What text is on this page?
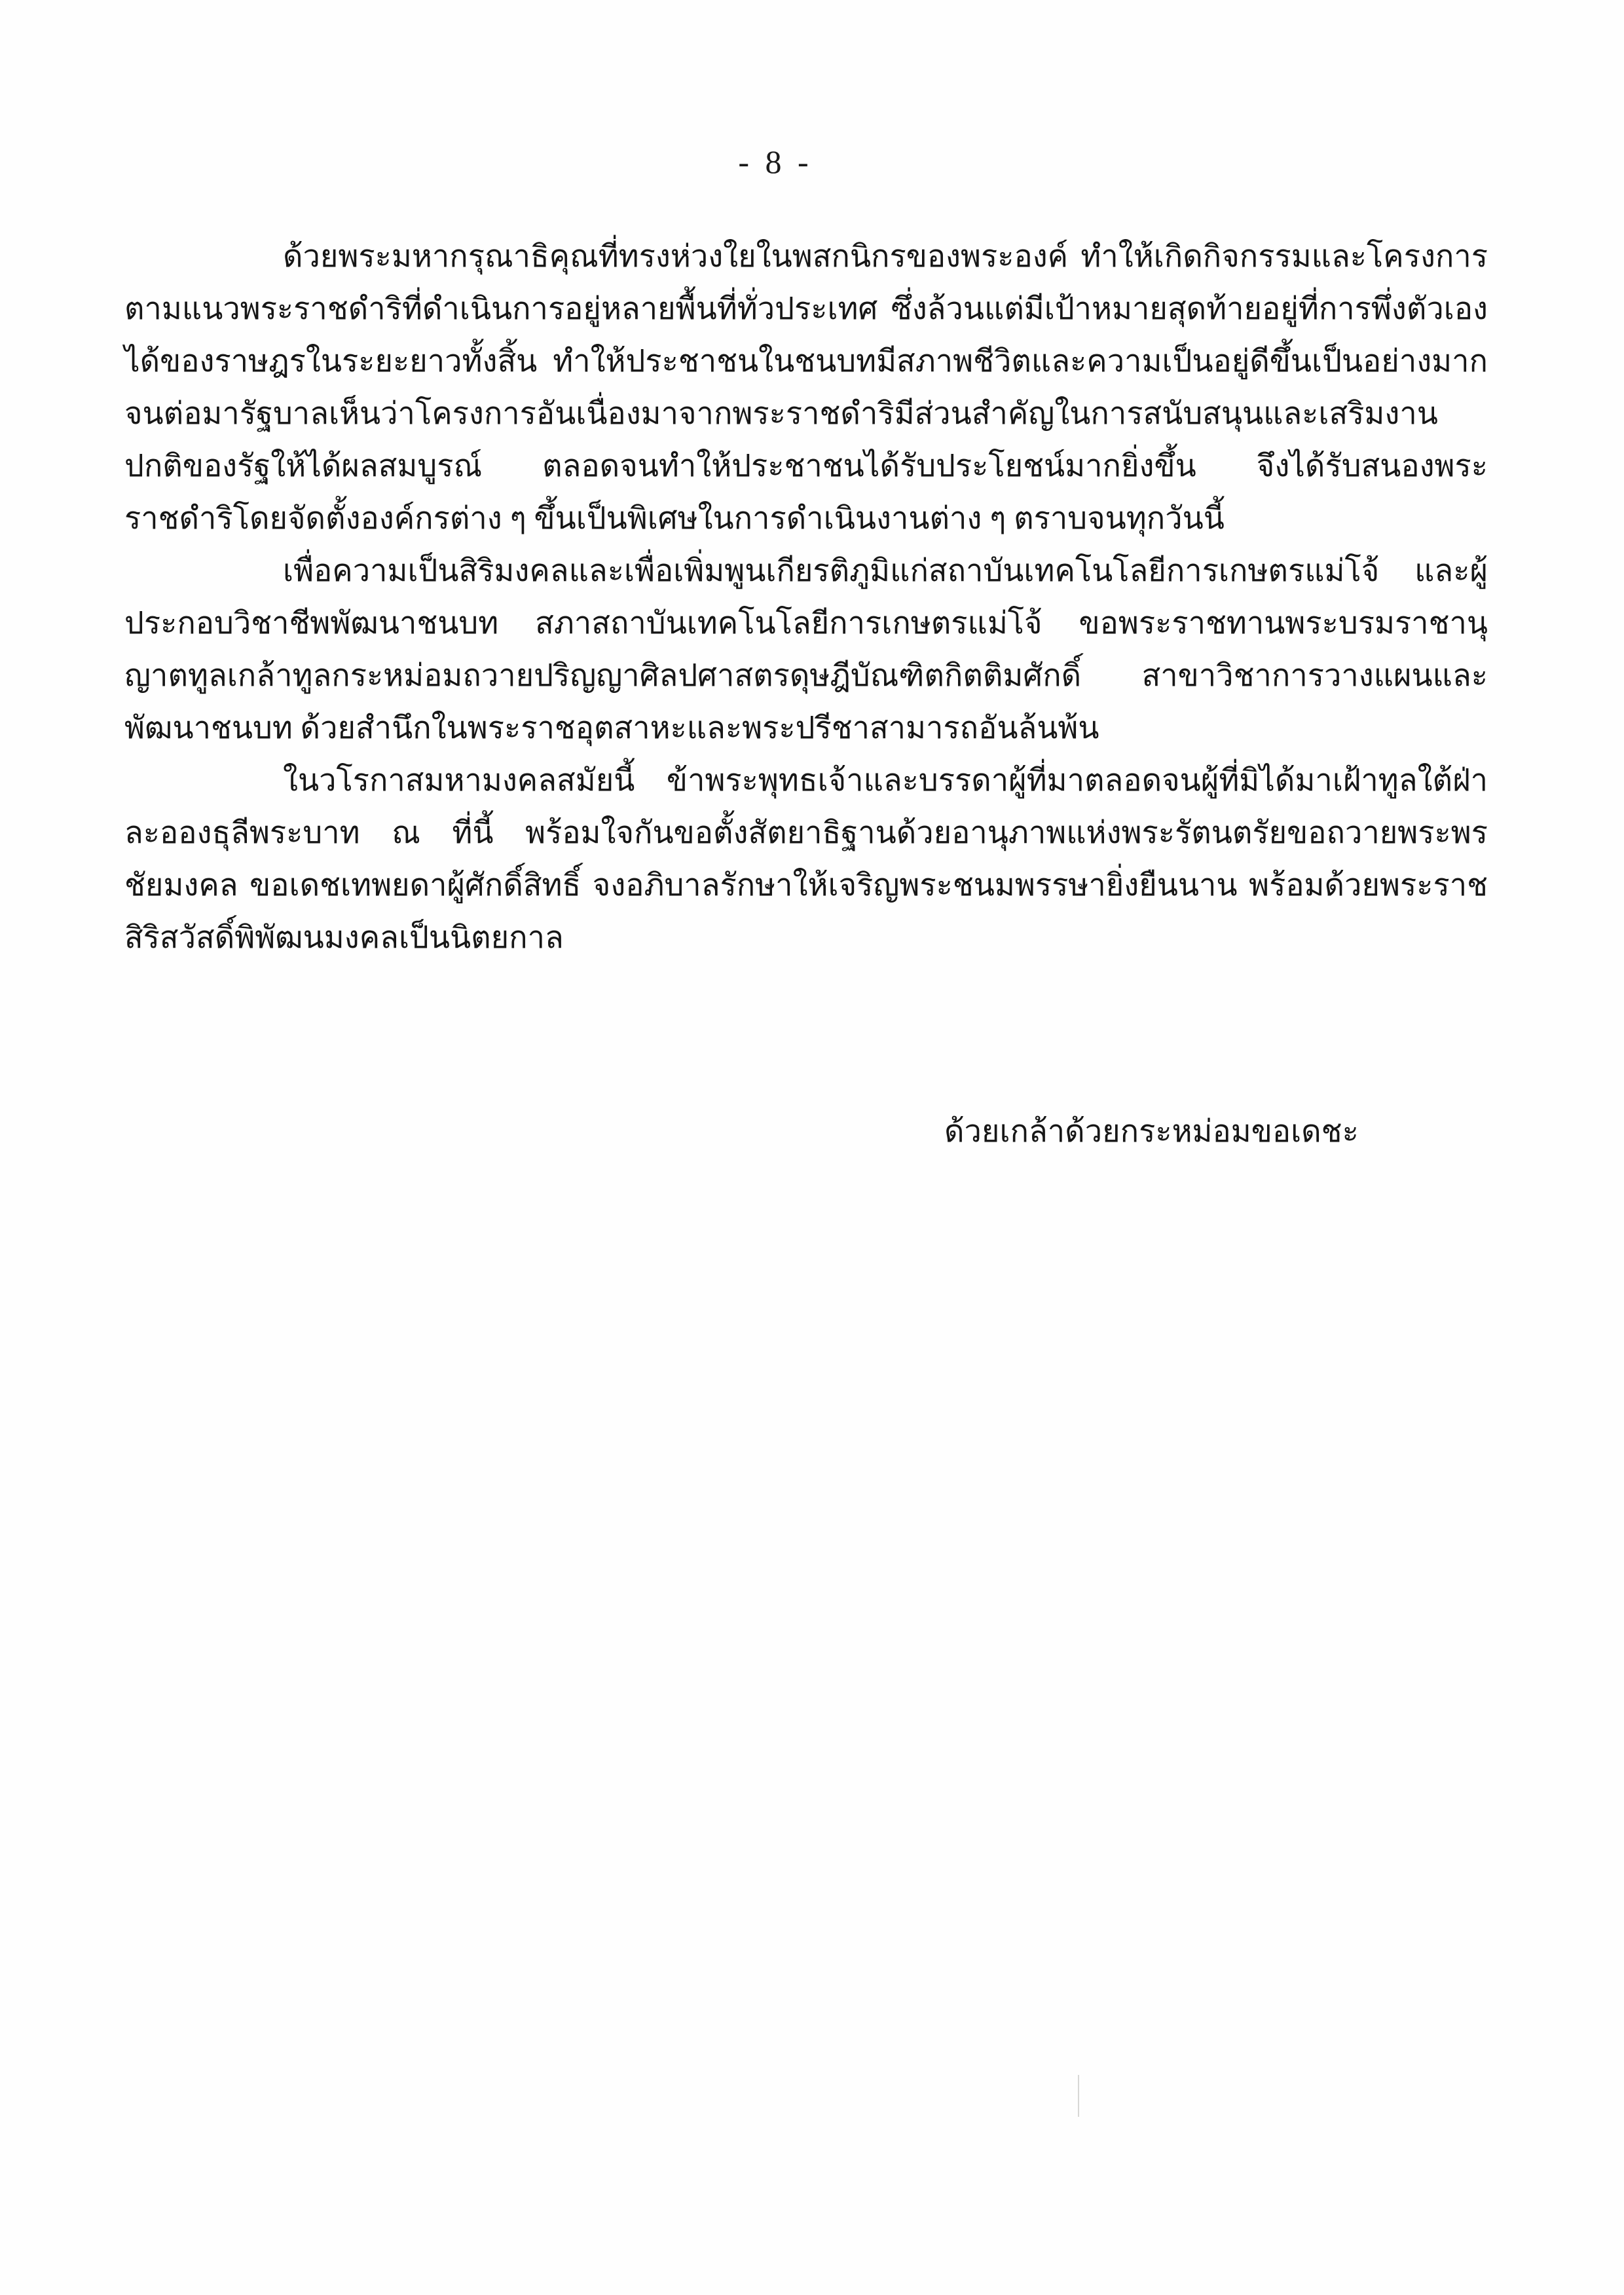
- 8 -

ด้วยพระมหากรุณาธิคุณที่ทรงห่วงใยในพสกนิกรของพระองค์ ทำให้เกิดกิจกรรมและโครงการตามแนวพระราชดำริที่ดำเนินการอยู่หลายพื้นที่ทั่วประเทศ ซึ่งล้วนแต่มีเป้าหมายสุดท้ายอยู่ที่การพึ่งตัวเองได้ของราษฎรในระยะยาวทั้งสิ้น ทำให้ประชาชนในชนบทมีสภาพชีวิตและความเป็นอยู่ดีขึ้นเป็นอย่างมาก จนต่อมารัฐบาลเห็นว่าโครงการอันเนื่องมาจากพระราชดำริมีส่วนสำคัญในการสนับสนุนและเสริมงานปกติของรัฐให้ได้ผลสมบูรณ์ ตลอดจนทำให้ประชาชนได้รับประโยชน์มากยิ่งขึ้น จึงได้รับสนองพระราชดำริโดยจัดตั้งองค์กรต่าง ๆ ขึ้นเป็นพิเศษในการดำเนินงานต่าง ๆ ตราบจนทุกวันนี้

เพื่อความเป็นสิริมงคลและเพื่อเพิ่มพูนเกียรติภูมิแก่สถาบันเทคโนโลยีการเกษตรแม่โจ้ และผู้ประกอบวิชาชีพพัฒนาชนบท สภาสถาบันเทคโนโลยีการเกษตรแม่โจ้ ขอพระราชทานพระบรมราชานุญาตทูลเกล้าทูลกระหม่อมถวายปริญญาศิลปศาสตรดุษฎีบัณฑิตกิตติมศักดิ์ สาขาวิชาการวางแผนและพัฒนาชนบท ด้วยสำนึกในพระราชอุตสาหะและพระปรีชาสามารถอันล้นพ้น

ในวโรกาสมหามงคลสมัยนี้ ข้าพระพุทธเจ้าและบรรดาผู้ที่มาตลอดจนผู้ที่มิได้มาเฝ้าทูลใต้ฝ่าละอองธุลีพระบาท ณ ที่นี้ พร้อมใจกันขอตั้งสัตยาธิฐานด้วยอานุภาพแห่งพระรัตนตรัยขอถวายพระพรชัยมงคล ขอเดชเทพยดาผู้ศักดิ์สิทธิ์ จงอภิบาลรักษาให้เจริญพระชนมพรรษายิ่งยืนนาน พร้อมด้วยพระราชสิริสวัสดิ์พิพัฒนมงคลเป็นนิตยกาล

ด้วยเกล้าด้วยกระหม่อมขอเดชะ
